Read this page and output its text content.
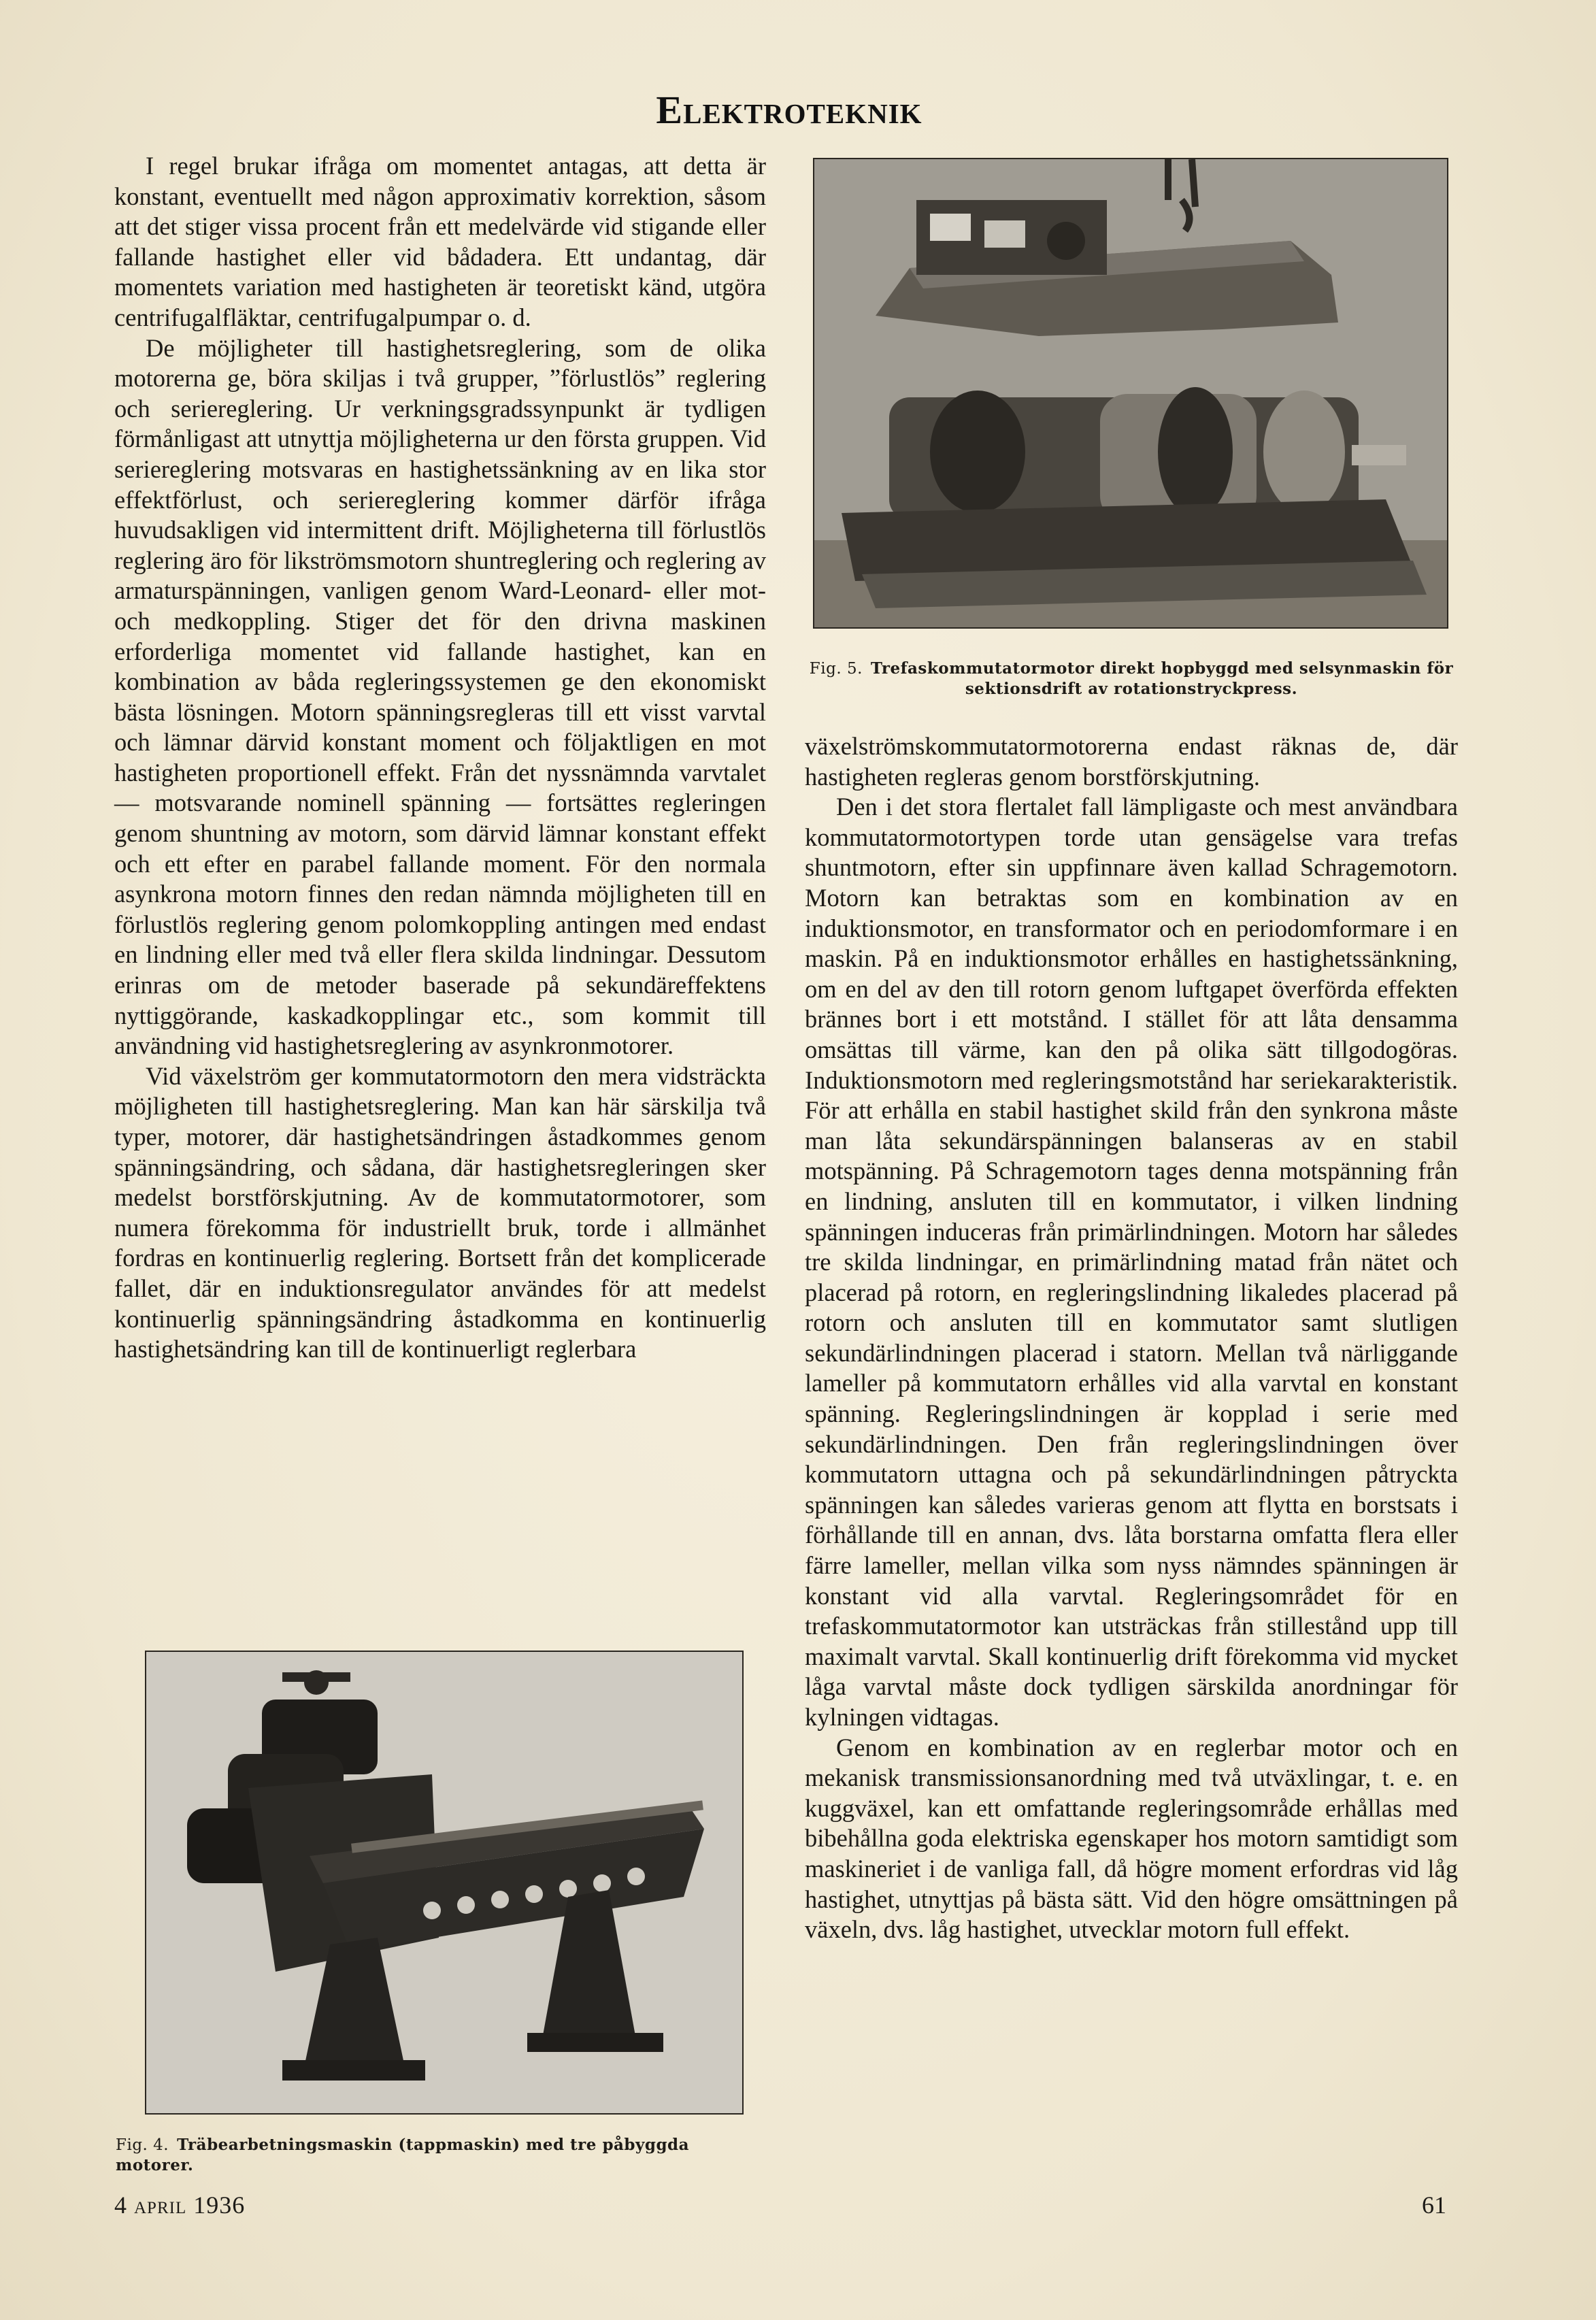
Elektroteknik

I regel brukar ifråga om momentet antagas, att detta är konstant, eventuellt med någon approximativ korrektion, såsom att det stiger vissa procent från ett medelvärde vid stigande eller fallande hastighet eller vid bådadera. Ett undantag, där momentets variation med hastigheten är teoretiskt känd, utgöra centrifugalfläktar, centrifugalpumpar o. d.

De möjligheter till hastighetsreglering, som de olika motorerna ge, böra skiljas i två grupper, ”förlustlös” reglering och seriereglering. Ur verkningsgradssynpunkt är tydligen förmånligast att utnyttja möjligheterna ur den första gruppen. Vid seriereglering motsvaras en hastighetssänkning av en lika stor effektförlust, och seriereglering kommer därför ifråga huvudsakligen vid intermittent drift. Möjligheterna till förlustlös reglering äro för likströmsmotorn shuntreglering och reglering av armaturspänningen, vanligen genom Ward-Leonard- eller mot- och medkoppling. Stiger det för den drivna maskinen erforderliga momentet vid fallande hastighet, kan en kombination av båda regleringssystemen ge den ekonomiskt bästa lösningen. Motorn spänningsregleras till ett visst varvtal och lämnar därvid konstant moment och följaktligen en mot hastigheten proportionell effekt. Från det nyssnämnda varvtalet — motsvarande nominell spänning — fortsättes regleringen genom shuntning av motorn, som därvid lämnar konstant effekt och ett efter en parabel fallande moment. För den normala asynkrona motorn finnes den redan nämnda möjligheten till en förlustlös reglering genom polomkoppling antingen med endast en lindning eller med två eller flera skilda lindningar. Dessutom erinras om de metoder baserade på sekundäreffektens nyttiggörande, kaskadkopplingar etc., som kommit till användning vid hastighetsreglering av asynkronmotorer.

Vid växelström ger kommutatormotorn den mera vidsträckta möjligheten till hastighetsreglering. Man kan här särskilja två typer, motorer, där hastighetsändringen åstadkommes genom spänningsändring, och sådana, där hastighetsregleringen sker medelst borstförskjutning. Av de kommutatormotorer, som numera förekomma för industriellt bruk, torde i allmänhet fordras en kontinuerlig reglering. Bortsett från det komplicerade fallet, där en induktionsregulator användes för att medelst kontinuerlig spänningsändring åstadkomma en kontinuerlig hastighetsändring kan till de kontinuerligt reglerbara

Fig. 5. Trefaskommutatormotor direkt hopbyggd med selsynmaskin för sektionsdrift av rotationstryckpress.

växelströmskommutatormotorerna endast räknas de, där hastigheten regleras genom borstförskjutning.

Den i det stora flertalet fall lämpligaste och mest användbara kommutatormotortypen torde utan gensägelse vara trefas shuntmotorn, efter sin uppfinnare även kallad Schragemotorn. Motorn kan betraktas som en kombination av en induktionsmotor, en transformator och en periodomformare i en maskin. På en induktionsmotor erhålles en hastighetssänkning, om en del av den till rotorn genom luftgapet överförda effekten brännes bort i ett motstånd. I stället för att låta densamma omsättas till värme, kan den på olika sätt tillgodogöras. Induktionsmotorn med regleringsmotstånd har seriekarakteristik. För att erhålla en stabil hastighet skild från den synkrona måste man låta sekundärspänningen balanseras av en stabil motspänning. På Schragemotorn tages denna motspänning från en lindning, ansluten till en kommutator, i vilken lindning spänningen induceras från primärlindningen. Motorn har således tre skilda lindningar, en primärlindning matad från nätet och placerad på rotorn, en regleringslindning likaledes placerad på rotorn och ansluten till en kommutator samt slutligen sekundärlindningen placerad i statorn. Mellan två närliggande lameller på kommutatorn erhålles vid alla varvtal en konstant spänning. Regleringslindningen är kopplad i serie med sekundärlindningen. Den från regleringslindningen över kommutatorn uttagna och på sekundärlindningen påtryckta spänningen kan således varieras genom att flytta en borstsats i förhållande till en annan, dvs. låta borstarna omfatta flera eller färre lameller, mellan vilka som nyss nämndes spänningen är konstant vid alla varvtal. Regleringsområdet för en trefaskommutatormotor kan utsträckas från stillestånd upp till maximalt varvtal. Skall kontinuerlig drift förekomma vid mycket låga varvtal måste dock tydligen särskilda anordningar för kylningen vidtagas.

Genom en kombination av en reglerbar motor och en mekanisk transmissionsanordning med två utväxlingar, t. e. en kuggväxel, kan ett omfattande regleringsområde erhållas med bibehållna goda elektriska egenskaper hos motorn samtidigt som maskineriet i de vanliga fall, då högre moment erfordras vid låg hastighet, utnyttjas på bästa sätt. Vid den högre omsättningen på växeln, dvs. låg hastighet, utvecklar motorn full effekt.

Fig. 4. Träbearbetningsmaskin (tappmaskin) med tre påbyggda motorer.
4 april 1936	61
